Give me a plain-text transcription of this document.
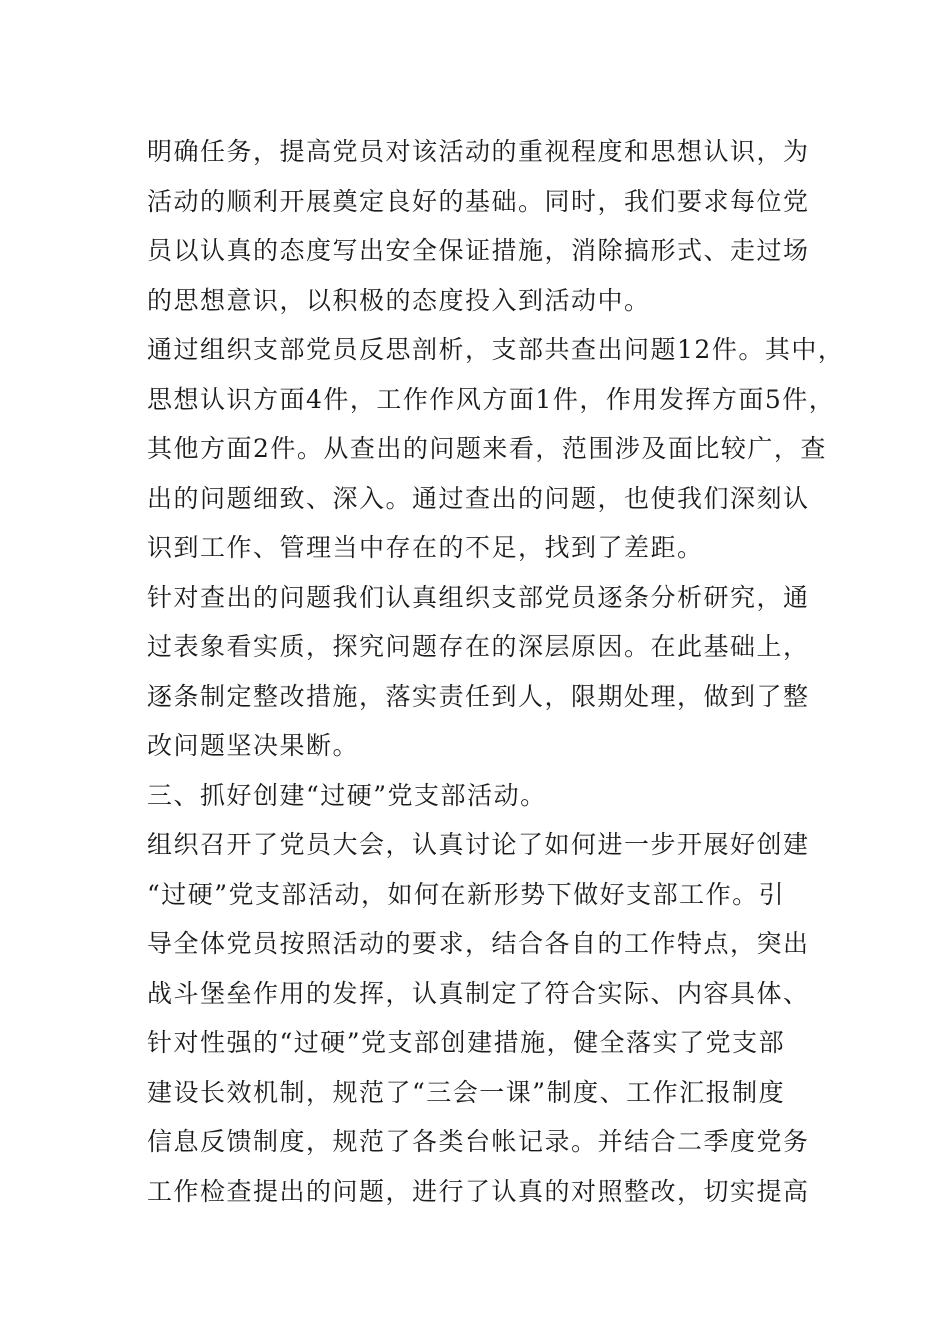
明确任务，提高党员对该活动的重视程度和思想认识，为
活动的顺利开展奠定良好的基础。同时，我们要求每位党
员以认真的态度写出安全保证措施，消除搞形式、走过场
的思想意识，以积极的态度投入到活动中。
通过组织支部党员反思剖析，支部共查出问题12件。其中，
思想认识方面4件，工作作风方面1件，作用发挥方面5件，
其他方面2件。从查出的问题来看，范围涉及面比较广，查
出的问题细致、深入。通过查出的问题，也使我们深刻认
识到工作、管理当中存在的不足，找到了差距。
针对查出的问题我们认真组织支部党员逐条分析研究，通
过表象看实质，探究问题存在的深层原因。在此基础上，
逐条制定整改措施，落实责任到人，限期处理，做到了整
改问题坚决果断。
三、抓好创建“过硬”党支部活动。
组织召开了党员大会，认真讨论了如何进一步开展好创建
“过硬”党支部活动，如何在新形势下做好支部工作。引
导全体党员按照活动的要求，结合各自的工作特点，突出
战斗堡垒作用的发挥，认真制定了符合实际、内容具体、
针对性强的“过硬”党支部创建措施，健全落实了党支部
建设长效机制，规范了“三会一课”制度、工作汇报制度
信息反馈制度，规范了各类台帐记录。并结合二季度党务
工作检查提出的问题，进行了认真的对照整改，切实提高
